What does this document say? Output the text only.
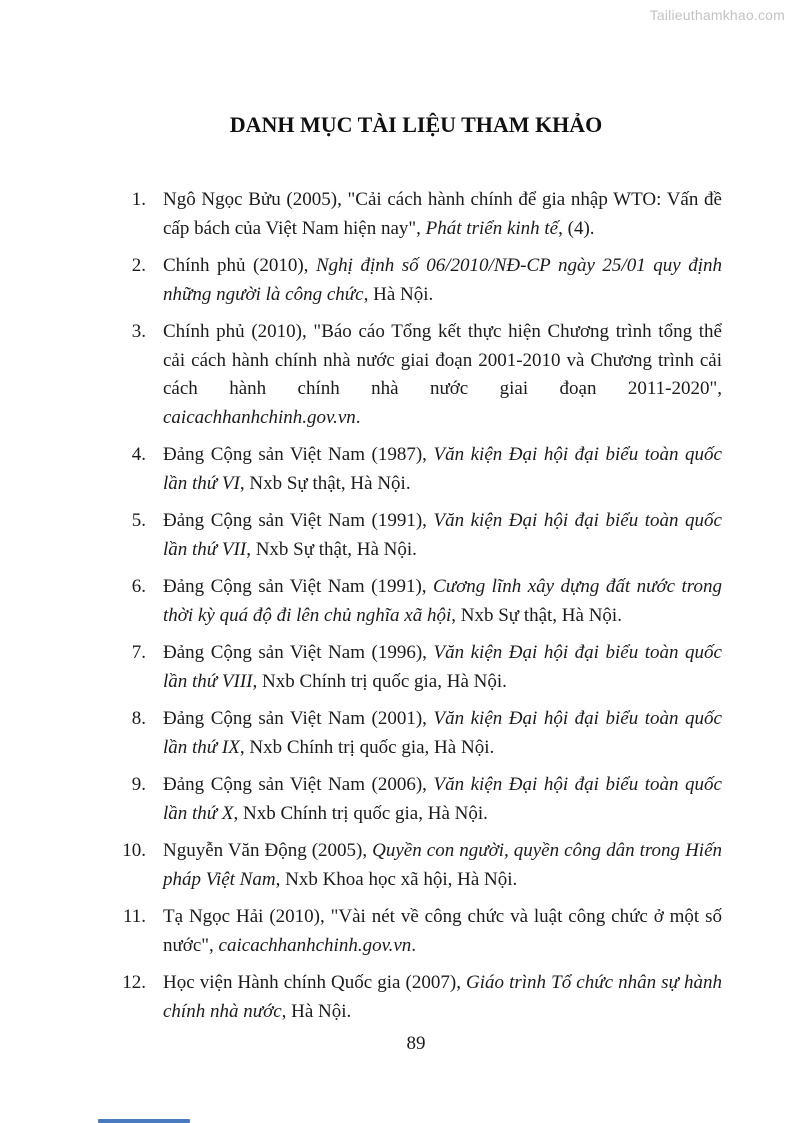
Tailieuthamkhao.com
DANH MỤC TÀI LIỆU THAM KHẢO
1. Ngô Ngọc Bửu (2005), "Cải cách hành chính để gia nhập WTO: Vấn đề cấp bách của Việt Nam hiện nay", Phát triển kinh tế, (4).
2. Chính phủ (2010), Nghị định số 06/2010/NĐ-CP ngày 25/01 quy định những người là công chức, Hà Nội.
3. Chính phủ (2010), "Báo cáo Tổng kết thực hiện Chương trình tổng thể cải cách hành chính nhà nước giai đoạn 2001-2010 và Chương trình cải cách hành chính nhà nước giai đoạn 2011-2020", caicachhanhchinh.gov.vn.
4. Đảng Cộng sản Việt Nam (1987), Văn kiện Đại hội đại biểu toàn quốc lần thứ VI, Nxb Sự thật, Hà Nội.
5. Đảng Cộng sản Việt Nam (1991), Văn kiện Đại hội đại biểu toàn quốc lần thứ VII, Nxb Sự thật, Hà Nội.
6. Đảng Cộng sản Việt Nam (1991), Cương lĩnh xây dựng đất nước trong thời kỳ quá độ đi lên chủ nghĩa xã hội, Nxb Sự thật, Hà Nội.
7. Đảng Cộng sản Việt Nam (1996), Văn kiện Đại hội đại biểu toàn quốc lần thứ VIII, Nxb Chính trị quốc gia, Hà Nội.
8. Đảng Cộng sản Việt Nam (2001), Văn kiện Đại hội đại biểu toàn quốc lần thứ IX, Nxb Chính trị quốc gia, Hà Nội.
9. Đảng Cộng sản Việt Nam (2006), Văn kiện Đại hội đại biểu toàn quốc lần thứ X, Nxb Chính trị quốc gia, Hà Nội.
10. Nguyễn Văn Động (2005), Quyền con người, quyền công dân trong Hiến pháp Việt Nam, Nxb Khoa học xã hội, Hà Nội.
11. Tạ Ngọc Hải (2010), "Vài nét về công chức và luật công chức ở một số nước", caicachhanhchinh.gov.vn.
12. Học viện Hành chính Quốc gia (2007), Giáo trình Tổ chức nhân sự hành chính nhà nước, Hà Nội.
89
